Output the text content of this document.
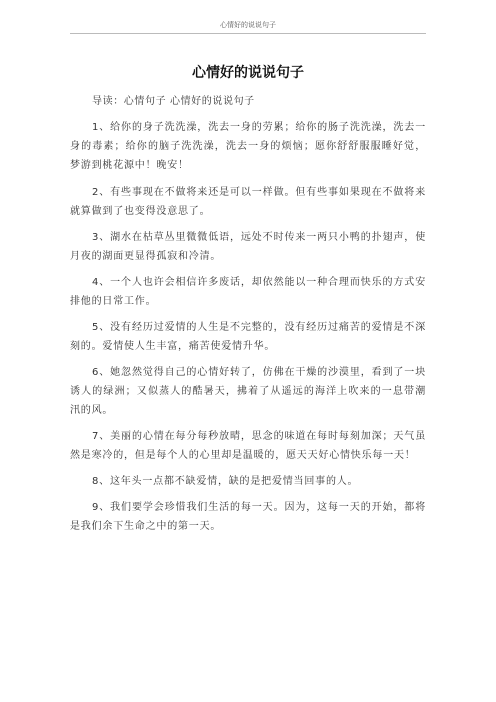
心情好的说说句子
心情好的说说句子

导读：心情句子 心情好的说说句子

1、给你的身子洗洗澡，洗去一身的劳累；给你的肠子洗洗澡，洗去一身的毒素；给你的脑子洗洗澡，洗去一身的烦恼；愿你舒舒服服睡好觉，梦游到桃花源中！晚安！

2、有些事现在不做将来还是可以一样做。但有些事如果现在不做将来就算做到了也变得没意思了。

3、湖水在枯草丛里微微低语，远处不时传来一两只小鸭的扑翅声，使月夜的湖面更显得孤寂和冷清。

4、一个人也许会相信许多废话，却依然能以一种合理而快乐的方式安排他的日常工作。

5、没有经历过爱情的人生是不完整的，没有经历过痛苦的爱情是不深刻的。爱情使人生丰富，痛苦使爱情升华。

6、她忽然觉得自己的心情好转了，仿佛在干燥的沙漠里，看到了一块诱人的绿洲；又似蒸人的酷暑天，拂着了从遥远的海洋上吹来的一息带潮汛的风。

7、美丽的心情在每分每秒放晴，思念的味道在每时每刻加深；天气虽然是寒冷的，但是每个人的心里却是温暖的，愿天天好心情快乐每一天！

8、这年头一点都不缺爱情，缺的是把爱情当回事的人。

9、我们要学会珍惜我们生活的每一天。因为，这每一天的开始，都将是我们余下生命之中的第一天。
